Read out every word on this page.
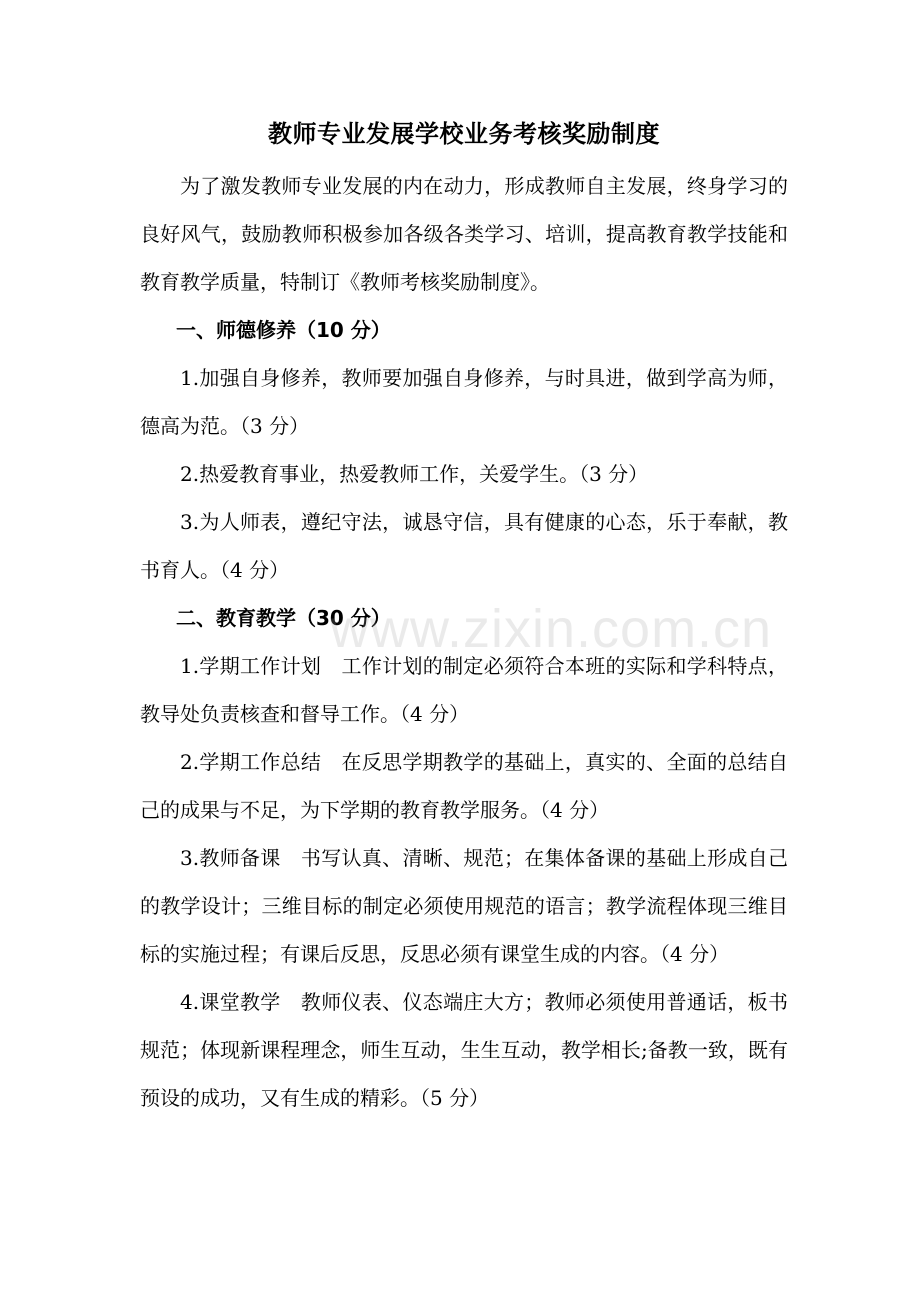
教师专业发展学校业务考核奖励制度

为了激发教师专业发展的内在动力，形成教师自主发展，终身学习的良好风气，鼓励教师积极参加各级各类学习、培训，提高教育教学技能和教育教学质量，特制订《教师考核奖励制度》。

一、师德修养（10 分）

1.加强自身修养，教师要加强自身修养，与时具进，做到学高为师，德高为范。（3 分）

2.热爱教育事业，热爱教师工作，关爱学生。（3 分）

3.为人师表，遵纪守法，诚恳守信，具有健康的心态，乐于奉献，教书育人。（4 分）

二、教育教学（30 分）

1.学期工作计划　工作计划的制定必须符合本班的实际和学科特点，教导处负责核查和督导工作。（4 分）

2.学期工作总结　在反思学期教学的基础上，真实的、全面的总结自己的成果与不足，为下学期的教育教学服务。（4 分）

3.教师备课　书写认真、清晰、规范；在集体备课的基础上形成自己的教学设计；三维目标的制定必须使用规范的语言；教学流程体现三维目标的实施过程；有课后反思，反思必须有课堂生成的内容。（4 分）

4.课堂教学　教师仪表、仪态端庄大方；教师必须使用普通话，板书规范；体现新课程理念，师生互动，生生互动，教学相长;备教一致，既有预设的成功，又有生成的精彩。（5 分）

www.zixin.com.cn
